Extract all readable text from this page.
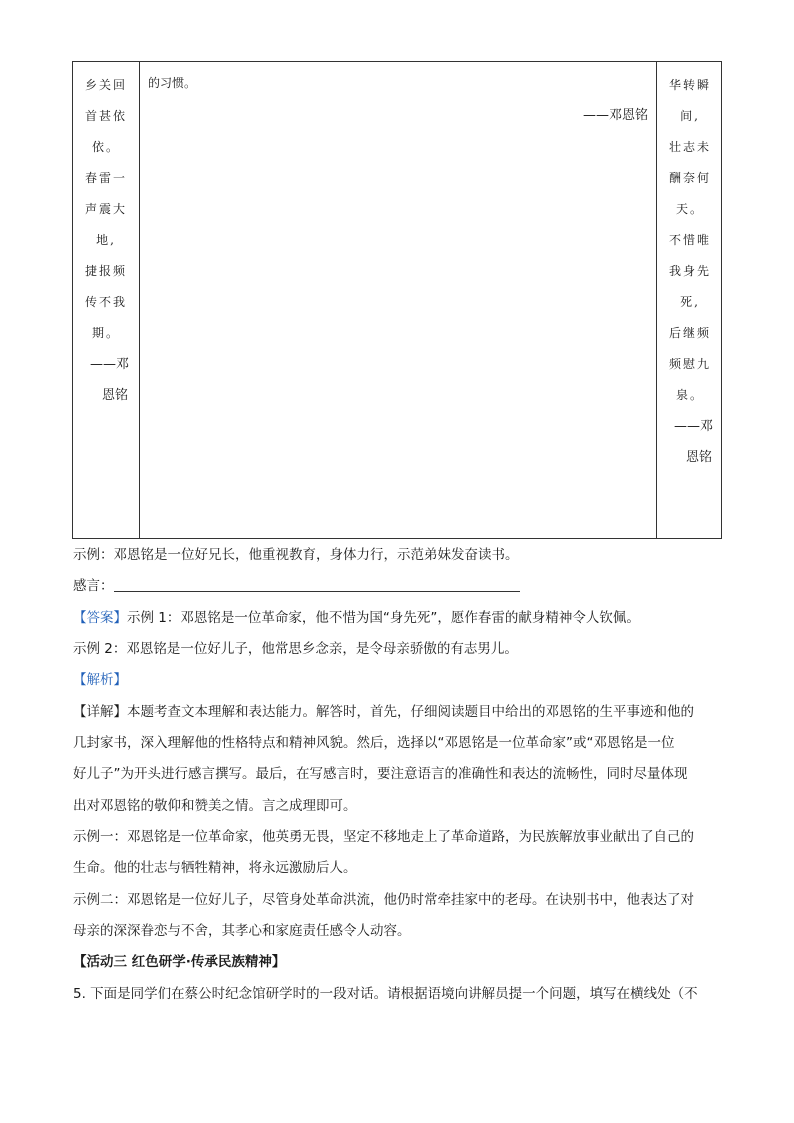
乡关回
首甚依
依。
春雷一
声震大
地,
捷报频
传不我
期。
——邓
恩铭
的习惯。
——邓恩铭
华转瞬
间,
壮志未
酬奈何
天。
不惜唯
我身先
死,
后继频
频慰九
泉。
——邓
恩铭
示例：邓恩铭是一位好兄长，他重视教育，身体力行，示范弟妹发奋读书。
感言：
【答案】示例 1：邓恩铭是一位革命家，他不惜为国“身先死”，愿作春雷的献身精神令人钦佩。
示例 2：邓恩铭是一位好儿子，他常思乡念亲，是令母亲骄傲的有志男儿。
【解析】
【详解】本题考查文本理解和表达能力。解答时，首先，仔细阅读题目中给出的邓恩铭的生平事迹和他的
几封家书，深入理解他的性格特点和精神风貌。然后，选择以“邓恩铭是一位革命家”或“邓恩铭是一位
好儿子”为开头进行感言撰写。最后，在写感言时，要注意语言的准确性和表达的流畅性，同时尽量体现
出对邓恩铭的敬仰和赞美之情。言之成理即可。
示例一：邓恩铭是一位革命家，他英勇无畏，坚定不移地走上了革命道路，为民族解放事业献出了自己的
生命。他的壮志与牺牲精神，将永远激励后人。
示例二：邓恩铭是一位好儿子，尽管身处革命洪流，他仍时常牵挂家中的老母。在诀别书中，他表达了对
母亲的深深眷恋与不舍，其孝心和家庭责任感令人动容。
【活动三 红色研学·传承民族精神】
5. 下面是同学们在蔡公时纪念馆研学时的一段对话。请根据语境向讲解员提一个问题，填写在横线处（不
